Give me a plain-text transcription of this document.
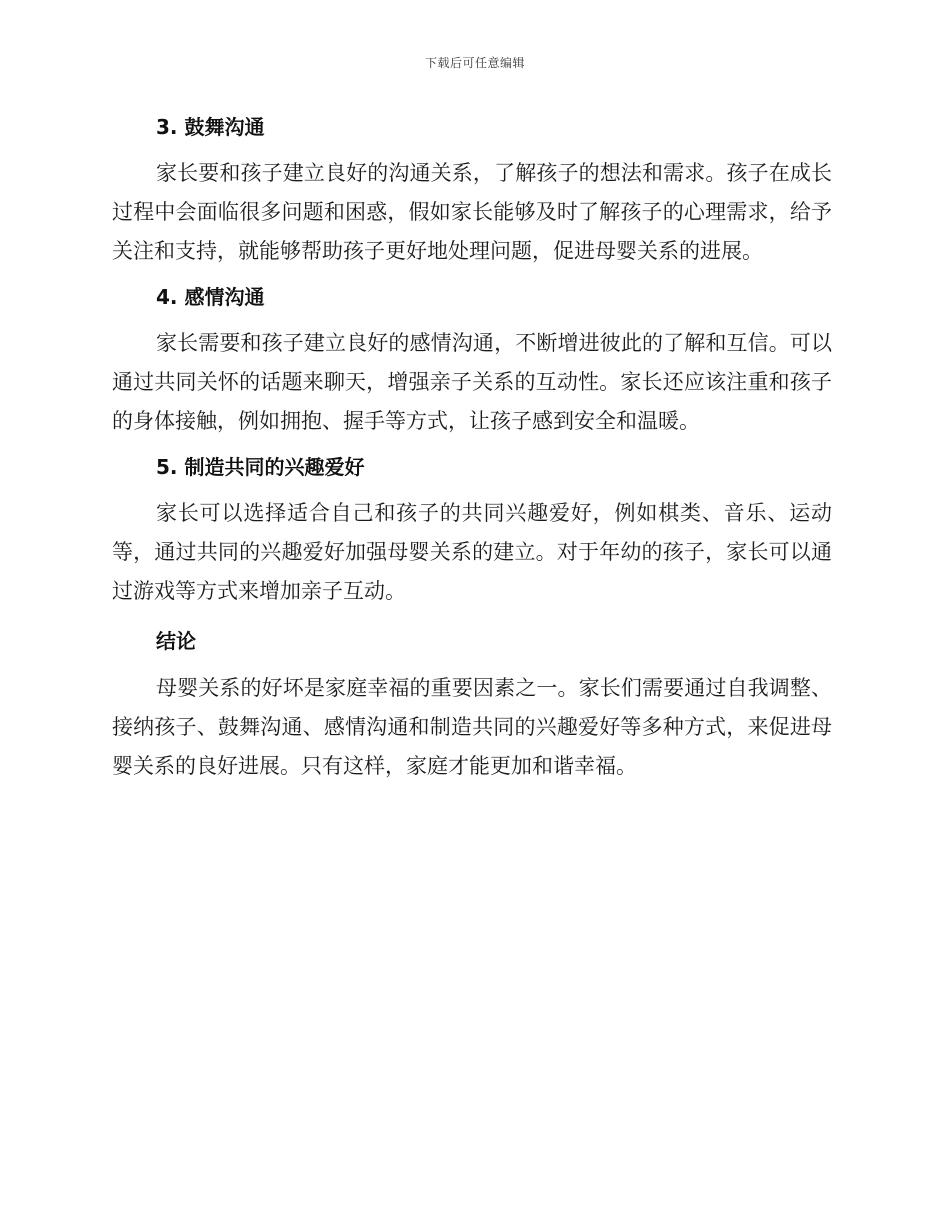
下载后可任意编辑
3. 鼓舞沟通

家长要和孩子建立良好的沟通关系，了解孩子的想法和需求。孩子在成长过程中会面临很多问题和困惑，假如家长能够及时了解孩子的心理需求，给予关注和支持，就能够帮助孩子更好地处理问题，促进母婴关系的进展。

4. 感情沟通

家长需要和孩子建立良好的感情沟通，不断增进彼此的了解和互信。可以通过共同关怀的话题来聊天，增强亲子关系的互动性。家长还应该注重和孩子的身体接触，例如拥抱、握手等方式，让孩子感到安全和温暖。

5. 制造共同的兴趣爱好

家长可以选择适合自己和孩子的共同兴趣爱好，例如棋类、音乐、运动等，通过共同的兴趣爱好加强母婴关系的建立。对于年幼的孩子，家长可以通过游戏等方式来增加亲子互动。

结论

母婴关系的好坏是家庭幸福的重要因素之一。家长们需要通过自我调整、接纳孩子、鼓舞沟通、感情沟通和制造共同的兴趣爱好等多种方式，来促进母婴关系的良好进展。只有这样，家庭才能更加和谐幸福。
